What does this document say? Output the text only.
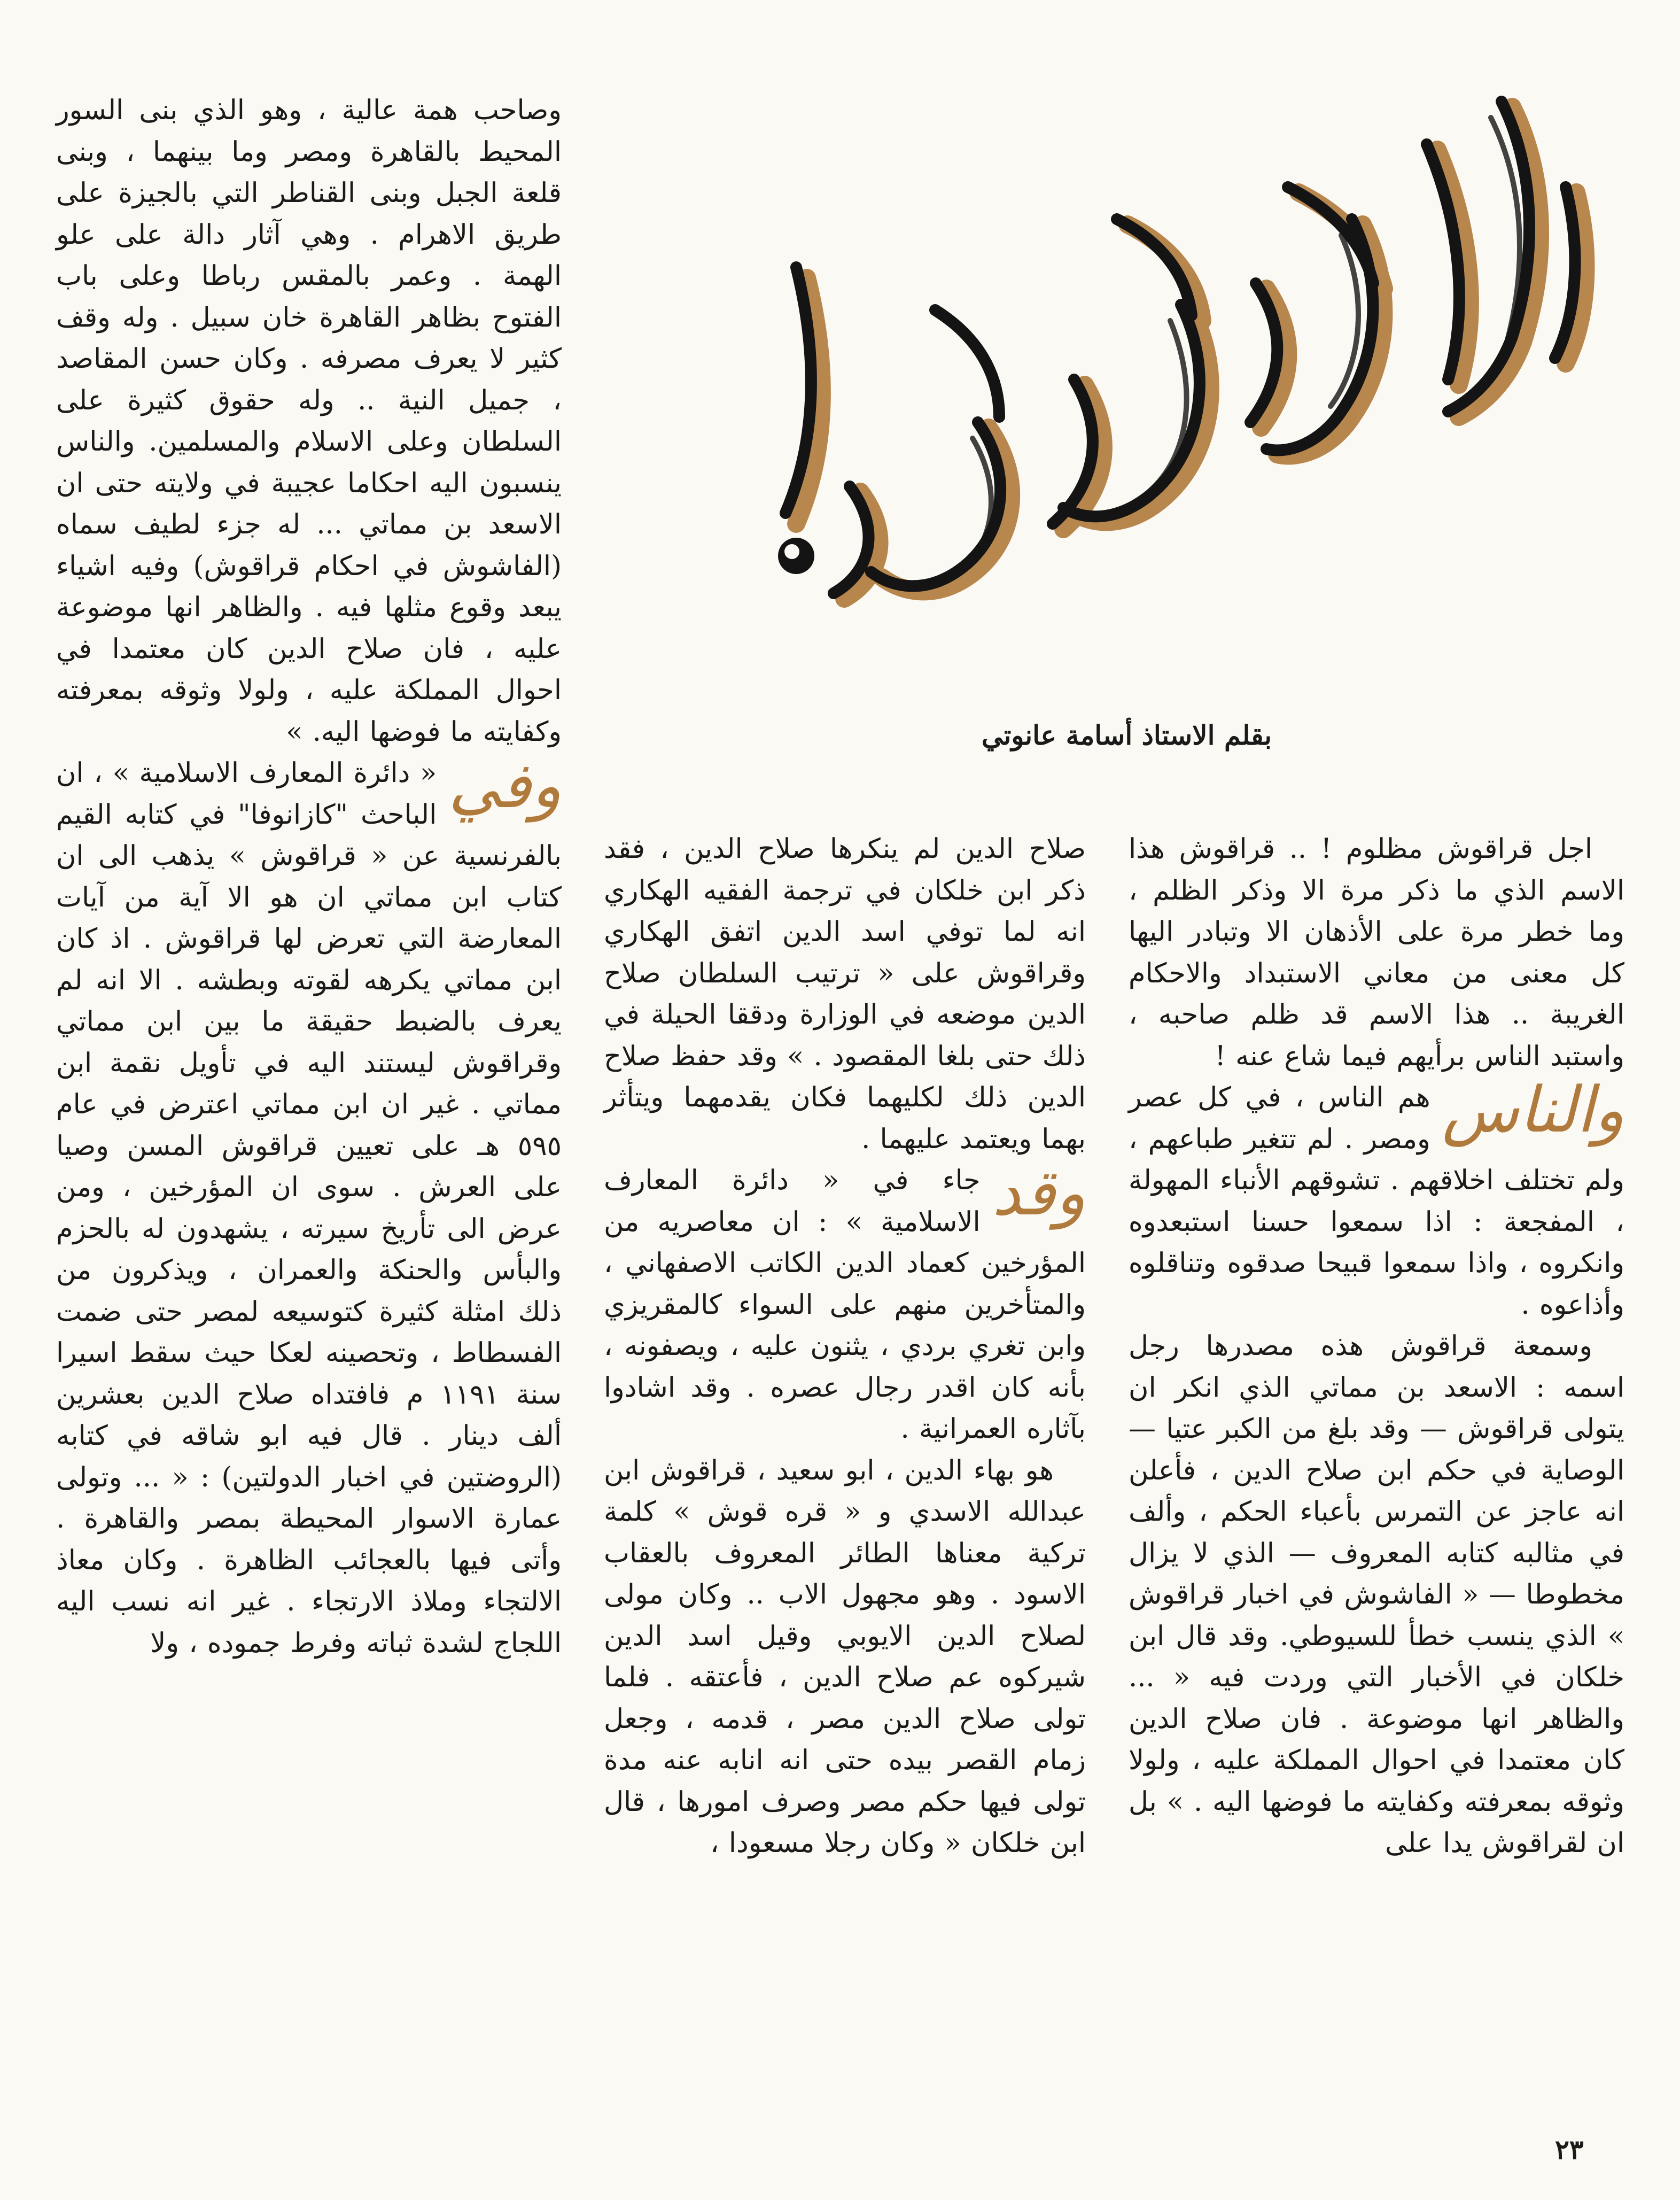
بقلم الاستاذ أسامة عانوتي

اجل قراقوش مظلوم ! .. قراقوش هذا الاسم الذي ما ذكر مرة الا وذكر الظلم ، وما خطر مرة على الأذهان الا وتبادر اليها كل معنى من معاني الاستبداد والاحكام الغريبة .. هذا الاسم قد ظلم صاحبه ، واستبد الناس برأيهم فيما شاع عنه !

والناس
هم الناس ، في كل عصر ومصر . لم تتغير طباعهم ، ولم تختلف اخلاقهم . تشوقهم الأنباء المهولة ، المفجعة : اذا سمعوا حسنا استبعدوه وانكروه ، واذا سمعوا قبيحا صدقوه وتناقلوه وأذاعوه .

وسمعة قراقوش هذه مصدرها رجل اسمه : الاسعد بن مماتي الذي انكر ان يتولى قراقوش — وقد بلغ من الكبر عتيا — الوصاية في حكم ابن صلاح الدين ، فأعلن انه عاجز عن التمرس بأعباء الحكم ، وألف في مثالبه كتابه المعروف — الذي لا يزال مخطوطا — « الفاشوش في اخبار قراقوش » الذي ينسب خطأ للسيوطي. وقد قال ابن خلكان في الأخبار التي وردت فيه « ... والظاهر انها موضوعة . فان صلاح الدين كان معتمدا في احوال المملكة عليه ، ولولا وثوقه بمعرفته وكفايته ما فوضها اليه . » بل ان لقراقوش يدا على

صلاح الدين لم ينكرها صلاح الدين ، فقد ذكر ابن خلكان في ترجمة الفقيه الهكاري انه لما توفي اسد الدين اتفق الهكاري وقراقوش على « ترتيب السلطان صلاح الدين موضعه في الوزارة ودققا الحيلة في ذلك حتى بلغا المقصود . » وقد حفظ صلاح الدين ذلك لكليهما فكان يقدمهما ويتأثر بهما ويعتمد عليهما .

وقد
جاء في « دائرة المعارف الاسلامية » : ان معاصريه من المؤرخين كعماد الدين الكاتب الاصفهاني ، والمتأخرين منهم على السواء كالمقريزي وابن تغري بردي ، يثنون عليه ، ويصفونه ، بأنه كان اقدر رجال عصره . وقد اشادوا بآثاره العمرانية .

هو بهاء الدين ، ابو سعيد ، قراقوش ابن عبدالله الاسدي و « قره قوش » كلمة تركية معناها الطائر المعروف بالعقاب الاسود . وهو مجهول الاب .. وكان مولى لصلاح الدين الايوبي وقيل اسد الدين شيركوه عم صلاح الدين ، فأعتقه . فلما تولى صلاح الدين مصر ، قدمه ، وجعل زمام القصر بيده حتى انه انابه عنه مدة تولى فيها حكم مصر وصرف امورها ، قال ابن خلكان « وكان رجلا مسعودا ،

وصاحب همة عالية ، وهو الذي بنى السور المحيط بالقاهرة ومصر وما بينهما ، وبنى قلعة الجبل وبنى القناطر التي بالجيزة على طريق الاهرام . وهي آثار دالة على علو الهمة . وعمر بالمقس رباطا وعلى باب الفتوح بظاهر القاهرة خان سبيل . وله وقف كثير لا يعرف مصرفه . وكان حسن المقاصد ، جميل النية .. وله حقوق كثيرة على السلطان وعلى الاسلام والمسلمين. والناس ينسبون اليه احكاما عجيبة في ولايته حتى ان الاسعد بن مماتي ... له جزء لطيف سماه (الفاشوش في احكام قراقوش) وفيه اشياء يبعد وقوع مثلها فيه . والظاهر انها موضوعة عليه ، فان صلاح الدين كان معتمدا في احوال المملكة عليه ، ولولا وثوقه بمعرفته وكفايته ما فوضها اليه. »

وفي
« دائرة المعارف الاسلامية » ، ان الباحث "كازانوفا" في كتابه القيم بالفرنسية عن « قراقوش » يذهب الى ان كتاب ابن مماتي ان هو الا آية من آيات المعارضة التي تعرض لها قراقوش . اذ كان ابن مماتي يكرهه لقوته وبطشه . الا انه لم يعرف بالضبط حقيقة ما بين ابن مماتي وقراقوش ليستند اليه في تأويل نقمة ابن مماتي . غير ان ابن مماتي اعترض في عام ٥٩٥ هـ على تعيين قراقوش المسن وصيا على العرش . سوى ان المؤرخين ، ومن عرض الى تأريخ سيرته ، يشهدون له بالحزم والبأس والحنكة والعمران ، ويذكرون من ذلك امثلة كثيرة كتوسيعه لمصر حتى ضمت الفسطاط ، وتحصينه لعكا حيث سقط اسيرا سنة ١١٩١ م فافتداه صلاح الدين بعشرين ألف دينار . قال فيه ابو شاقه في كتابه (الروضتين في اخبار الدولتين) : « ... وتولى عمارة الاسوار المحيطة بمصر والقاهرة . وأتى فيها بالعجائب الظاهرة . وكان معاذ الالتجاء وملاذ الارتجاء . غير انه نسب اليه اللجاج لشدة ثباته وفرط جموده ، ولا

٢٣
